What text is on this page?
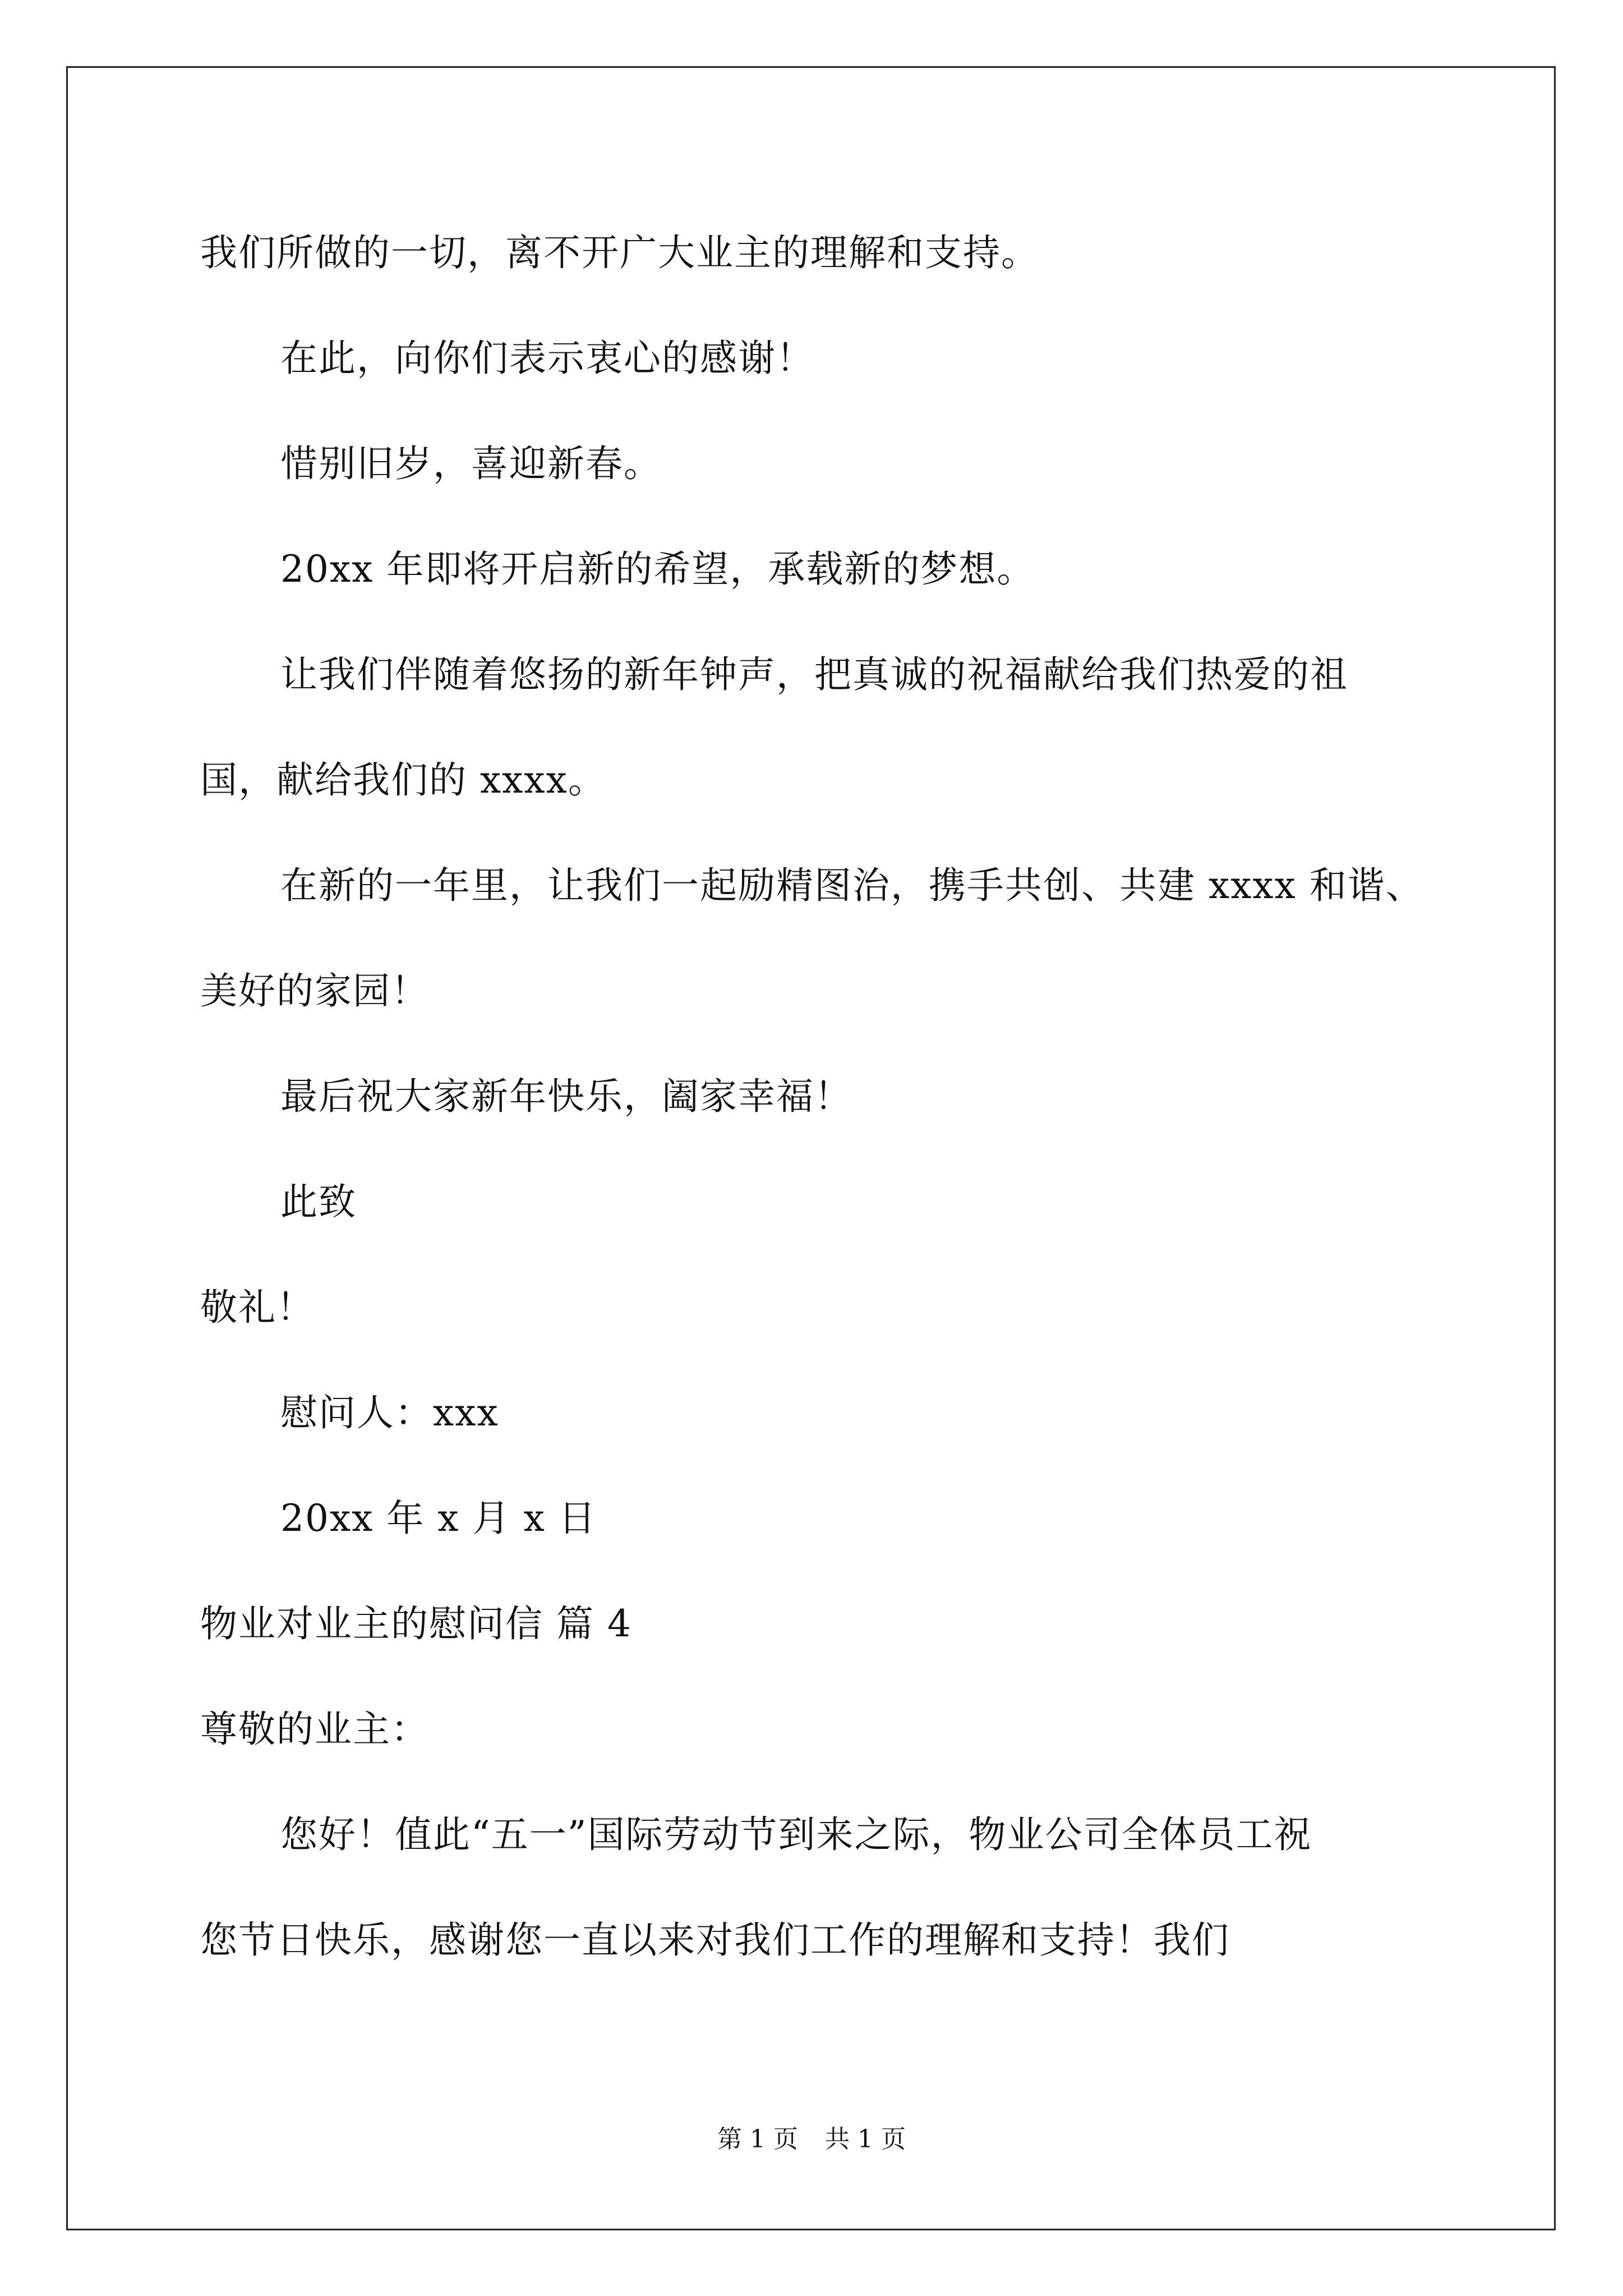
我们所做的一切，离不开广大业主的理解和支持。
在此，向你们表示衷心的感谢！
惜别旧岁，喜迎新春。
20xx 年即将开启新的希望，承载新的梦想。
让我们伴随着悠扬的新年钟声，把真诚的祝福献给我们热爱的祖
国，献给我们的 xxxx。
在新的一年里，让我们一起励精图治，携手共创、共建 xxxx 和谐、
美好的家园！
最后祝大家新年快乐，阖家幸福！
此致
敬礼！
慰问人：xxx
20xx 年 x 月 x 日
物业对业主的慰问信 篇 4
尊敬的业主：
您好！值此“五一”国际劳动节到来之际，物业公司全体员工祝
您节日快乐，感谢您一直以来对我们工作的理解和支持！我们
第 1 页 共 1 页
